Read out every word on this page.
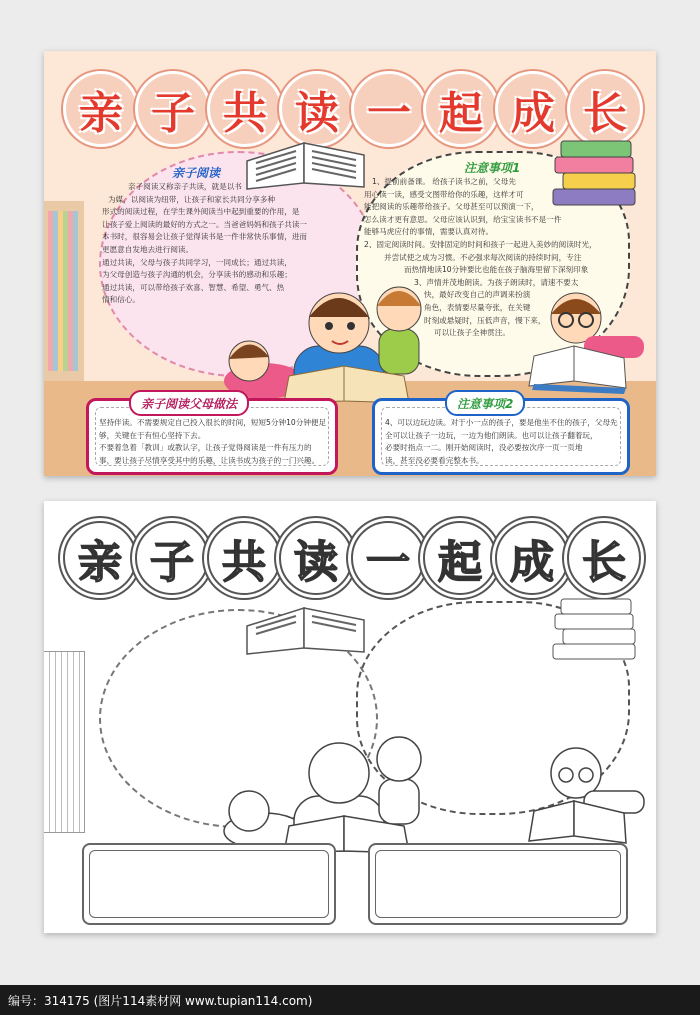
亲 子 共 读 一 起 成 长
亲子阅读
亲子阅读又称亲子共读，就是以书
为媒，以阅读为纽带，让孩子和家长共同分享多种
形式的阅读过程，在学生课外阅读当中起到重要的作用，是
让孩子爱上阅读的最好的方式之一。当爸爸妈妈和孩子共读一
本书时，很容易会让孩子觉得读书是一件非常快乐事情，进而
更愿意自发地去进行阅读。
通过共读，父母与孩子共同学习，一同成长；通过共读，
为父母创造与孩子沟通的机会，分享读书的感动和乐趣；
通过共读，可以带给孩子欢喜、智慧、希望、勇气、热
情和信心。
注意事项1
1、提前前备课。 给孩子读书之前，父母先
用心读一读，感受文图带给你的乐趣，这样才可
能把阅读的乐趣带给孩子。父母甚至可以预演一下，
怎么读才更有意思。父母应该认识到，给宝宝读书不是一件
能够马虎应付的事情，需要认真对待。
2、固定阅读时间。安排固定的时间和孩子一起进入美妙的阅读时光，
并尝试使之成为习惯。不必强求每次阅读的持续时间，专注
而热情地读10分钟要比也能在孩子脑海里留下深刻印象
3、声情并茂地朗读。为孩子朗读时，请速不要太
快，最好改变自己的声调来扮演
角色，表情要尽量夸张，在关键
时刻或悬疑时，压低声音，慢下来，
可以让孩子全神贯注。
亲子阅读父母做法
坚持伴读。不需要规定自己投入很长的时间，短短5分钟10分钟便足
够，关键在于有恒心坚持下去。
不要着急着「教训」或教认字，让孩子觉得阅读是一件有压力的
事，要让孩子尽情享受其中的乐趣，让读书成为孩子的一门兴趣。
注意事项2
4、可以边玩边读。对于小一点的孩子，要是他坐不住的孩子，父母先
全可以让孩子一边玩，一边为他们朗读。也可以让孩子翻着玩，
必要时指点一二。刚开始阅读时，没必要按次序一页一页地
读，甚至没必要看完整本书。
亲 子 共 读 一 起 成 长
编号：314175 (图片114素材网 www.tupian114.com)
